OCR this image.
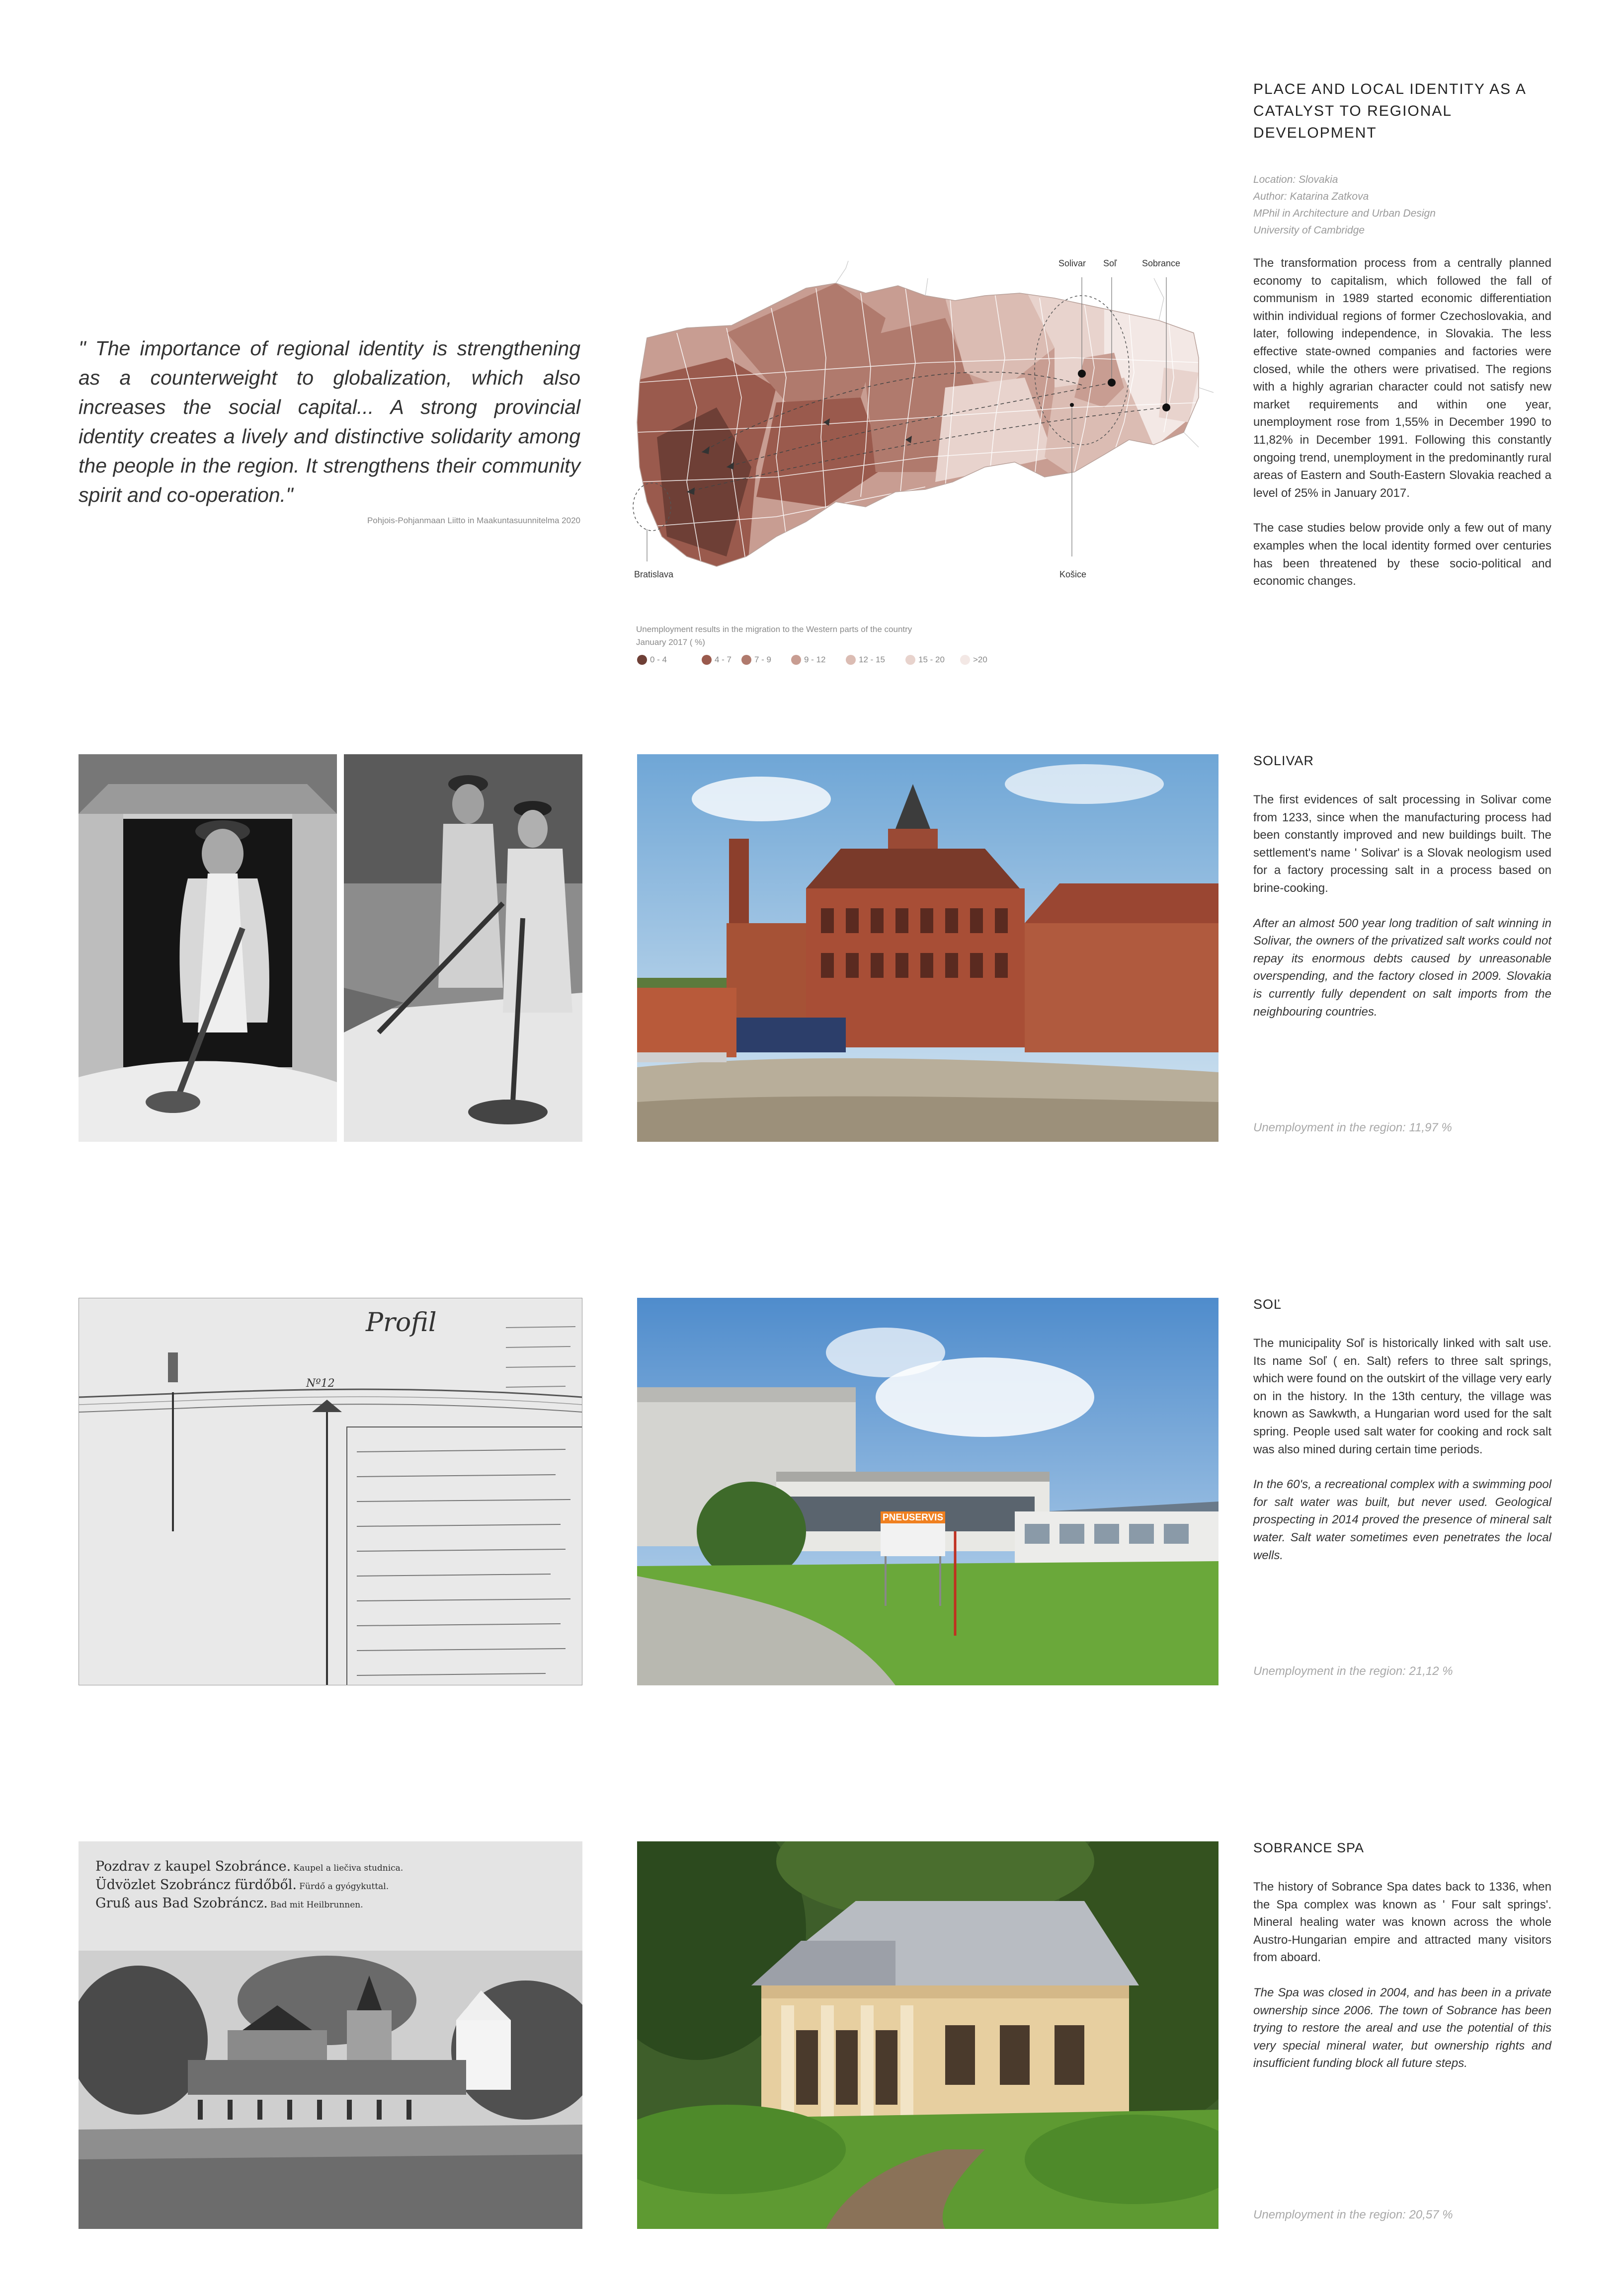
PLACE AND LOCAL IDENTITY AS A CATALYST TO REGIONAL DEVELOPMENT
Location: Slovakia
Author: Katarina Zatkova
MPhil in Architecture and Urban Design
University of Cambridge

The transformation process from a centrally planned economy to capitalism, which followed the fall of communism in 1989 started economic differentiation within individual regions of former Czechoslovakia, and later, following independence, in Slovakia. The less effective state-owned companies and factories were closed, while the others were privatised. The regions with a highly agrarian character could not satisfy new market requirements and within one year, unemployment rose from 1,55% in December 1990 to 11,82% in December 1991. Following this constantly ongoing trend, unemployment in the predominantly rural areas of Eastern and South-Eastern Slovakia reached a level of 25% in January 2017.

The case studies below provide only a few out of many examples when the local identity formed over centuries has been threatened by these socio-political and economic changes.

" The importance of regional identity is strengthening as a counterweight to globalization, which also increases the social capital... A strong provincial identity creates a lively and distinctive solidarity among the people in the region. It strengthens their community spirit and co-operation."
Pohjois-Pohjanmaan Liitto in Maakuntasuunnitelma 2020
Solivar Soľ	Sobrance
Bratislava	Košice
Unemployment results in the migration to the Western parts of the country
January 2017 ( %)
0 - 4	4 - 7	7 - 9	9 - 12	12 - 15	15 - 20	>20
SOLIVAR

The first evidences of salt processing in Solivar come from 1233, since when the manufacturing process had been constantly improved and new buildings built. The settlement's name ' Solivar' is a Slovak neologism used for a factory processing salt in a process based on brine-cooking.

After an almost 500 year long tradition of salt winning in Solivar, the owners of the privatized salt works could not repay its enormous debts caused by unreasonable overspending, and the factory closed in 2009. Slovakia is currently fully dependent on salt imports from the neighbouring countries.

Unemployment in the region: 11,97 %
Profil
Nº12
PNEUSERVIS
SOĽ

The municipality Soľ is historically linked with salt use. Its name Soľ ( en. Salt) refers to three salt springs, which were found on the outskirt of the village very early on in the history. In the 13th century, the village was known as Sawkwth, a Hungarian word used for the salt spring. People used salt water for cooking and rock salt was also mined during certain time periods.

In the 60's, a recreational complex with a swimming pool for salt water was built, but never used. Geological prospecting in 2014 proved the presence of mineral salt water. Salt water sometimes even penetrates the local wells.

Unemployment in the region: 21,12 %
Pozdrav z kaupel Szobránce. Kaupel a liečiva studnica.
Üdvözlet Szobráncz fürdőből. Fürdő a gyógykuttal.
Gruß aus Bad Szobráncz. Bad mit Heilbrunnen.
SOBRANCE SPA

The history of Sobrance Spa dates back to 1336, when the Spa complex was known as ' Four salt springs'. Mineral healing water was known across the whole Austro-Hungarian empire and attracted many visitors from aboard.

The Spa was closed in 2004, and has been in a private ownership since 2006. The town of Sobrance has been trying to restore the areal and use the potential of this very special mineral water, but ownership rights and insufficient funding block all future steps.

Unemployment in the region: 20,57 %
